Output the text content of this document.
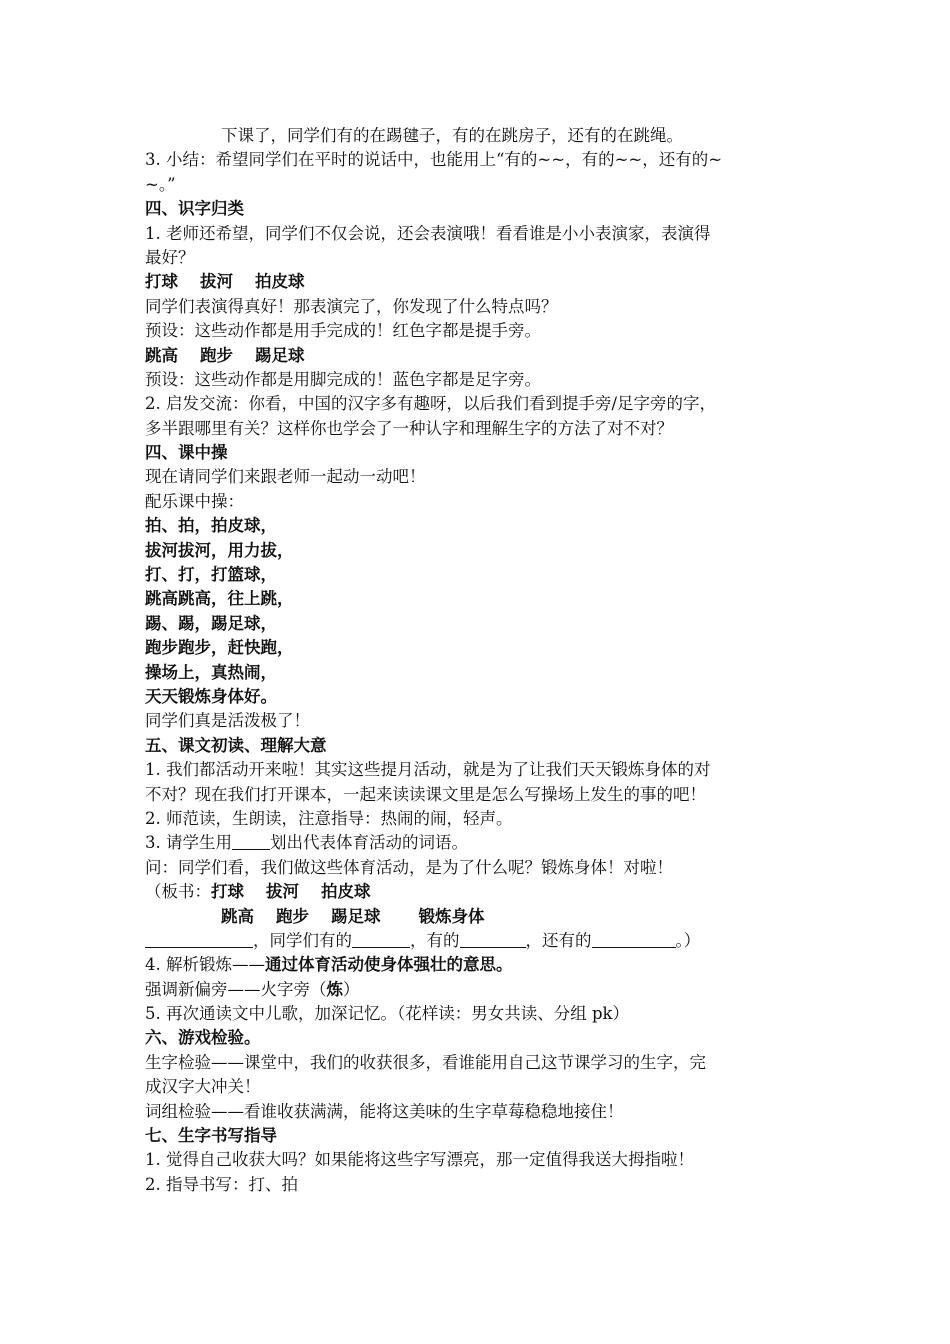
下课了，同学们有的在踢毽子，有的在跳房子，还有的在跳绳。
3. 小结：希望同学们在平时的说话中，也能用上“有的~~，有的~~，还有的~
~。”
四、识字归类
1. 老师还希望，同学们不仅会说，还会表演哦！看看谁是小小表演家，表演得
最好？
打球 拔河 拍皮球
同学们表演得真好！那表演完了，你发现了什么特点吗？
预设：这些动作都是用手完成的！红色字都是提手旁。
跳高 跑步 踢足球
预设：这些动作都是用脚完成的！蓝色字都是足字旁。
2. 启发交流：你看，中国的汉字多有趣呀，以后我们看到提手旁/足字旁的字，
多半跟哪里有关？这样你也学会了一种认字和理解生字的方法了对不对？
四、课中操
现在请同学们来跟老师一起动一动吧！
配乐课中操：
拍、拍，拍皮球，
拔河拔河，用力拔，
打、打，打篮球，
跳高跳高，往上跳，
踢、踢，踢足球，
跑步跑步，赶快跑，
操场上，真热闹，
天天锻炼身体好。
同学们真是活泼极了！
五、课文初读、理解大意
1. 我们都活动开来啦！其实这些提月活动，就是为了让我们天天锻炼身体的对
不对？现在我们打开课本，一起来读读课文里是怎么写操场上发生的事的吧！
2. 师范读，生朗读，注意指导：热闹的闹，轻声。
3. 请学生用 划出代表体育活动的词语。
问：同学们看，我们做这些体育活动，是为了什么呢？锻炼身体！对啦！
（板书：打球 拔河 拍皮球
跳高 跑步 踢足球 锻炼身体
，同学们有的	，有的	，还有的	。）
4. 解析锻炼——通过体育活动使身体强壮的意思。
强调新偏旁——火字旁（炼）
5. 再次通读文中儿歌，加深记忆。（花样读：男女共读、分组 pk）
六、游戏检验。
生字检验——课堂中，我们的收获很多，看谁能用自己这节课学习的生字，完
成汉字大冲关！
词组检验——看谁收获满满，能将这美味的生字草莓稳稳地接住！
七、生字书写指导
1. 觉得自己收获大吗？如果能将这些字写漂亮，那一定值得我送大拇指啦！
2. 指导书写：打、拍
